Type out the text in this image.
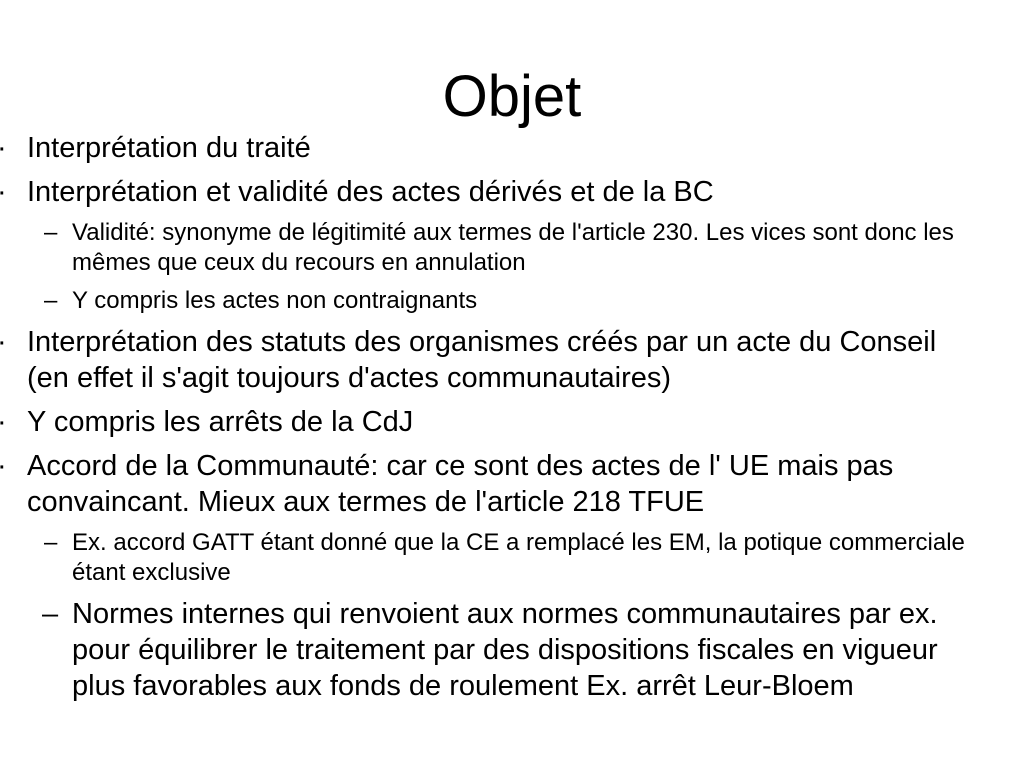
Objet
· Interprétation du traité
· Interprétation et validité des actes dérivés et de la BC
– Validité: synonyme de légitimité aux termes de l'article 230. Les vices sont donc les mêmes que ceux du recours en annulation
– Y compris les actes non contraignants
· Interprétation des statuts des organismes créés par un acte du Conseil (en effet il s'agit toujours d'actes communautaires)
· Y compris les arrêts de la CdJ
· Accord de la Communauté: car ce sont des actes de l' UE mais pas convaincant. Mieux aux termes de l'article 218 TFUE
– Ex. accord GATT étant donné que la CE a remplacé les EM, la potique commerciale étant exclusive
– Normes internes qui renvoient aux normes communautaires par ex. pour équilibrer le traitement par des dispositions fiscales en vigueur plus favorables aux fonds de roulement Ex. arrêt Leur-Bloem
